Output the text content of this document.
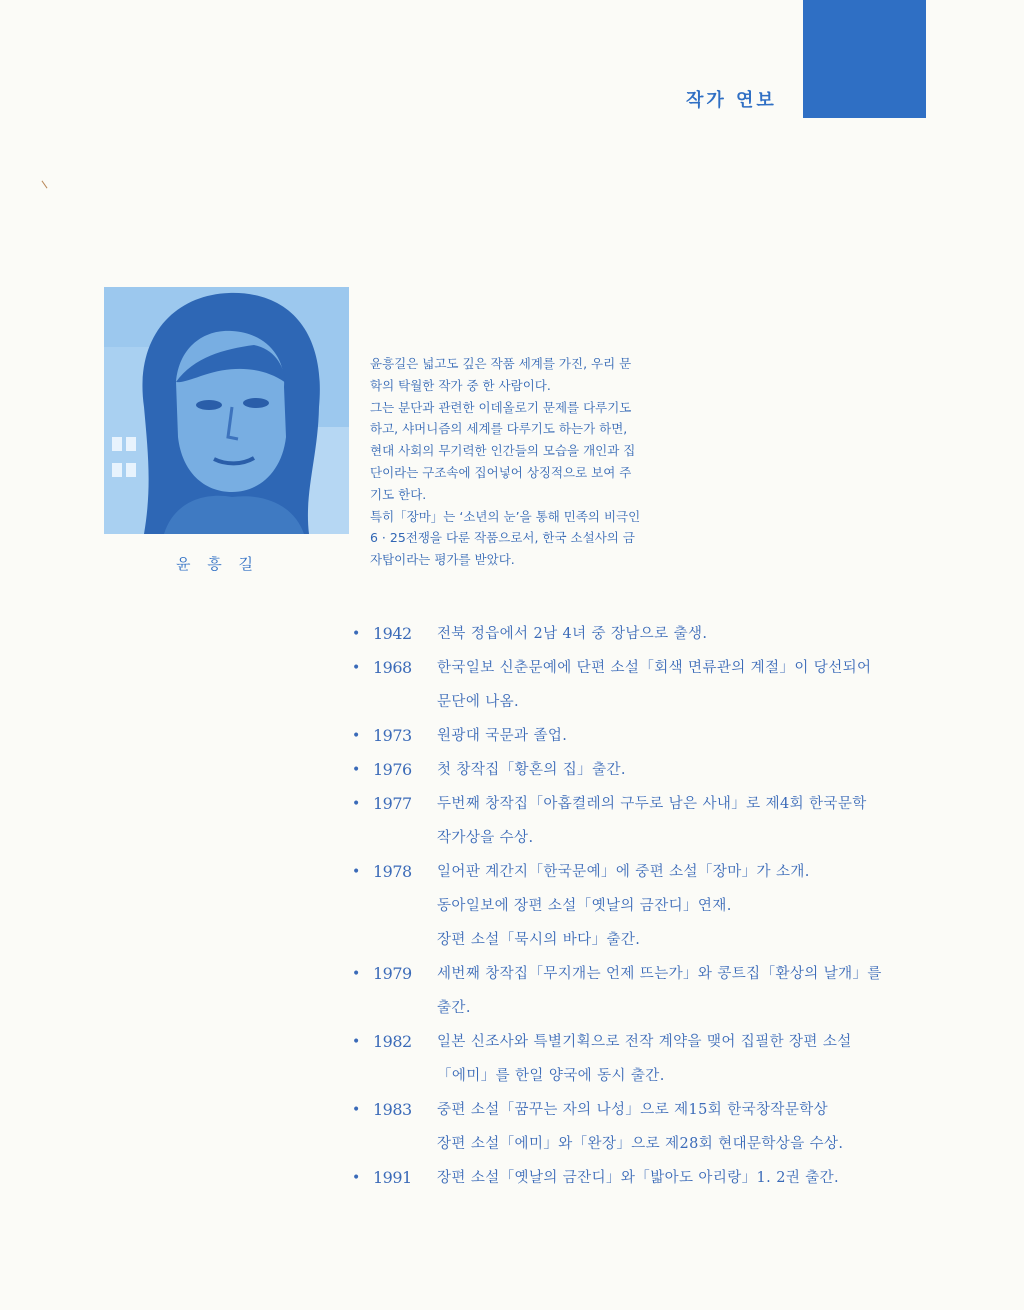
작가 연보
윤 흥 길

윤흥길은 넓고도 깊은 작품 세계를 가진, 우리 문

학의 탁월한 작가 중 한 사람이다.

그는 분단과 관련한 이데올로기 문제를 다루기도

하고, 샤머니즘의 세계를 다루기도 하는가 하면,

현대 사회의 무기력한 인간들의 모습을 개인과 집

단이라는 구조속에 집어넣어 상징적으로 보여 주

기도 한다.

특히「장마」는 ‘소년의 눈’을 통해 민족의 비극인

6 · 25전쟁을 다룬 작품으로서, 한국 소설사의 금

자탑이라는 평가를 받았다.

• 1942	전북 정읍에서 2남 4녀 중 장남으로 출생.
• 1968	한국일보 신춘문예에 단편 소설「회색 면류관의 계절」이 당선되어
문단에 나옴.
• 1973	원광대 국문과 졸업.
• 1976	첫 창작집「황혼의 집」출간.
• 1977	두번째 창작집「아홉켤레의 구두로 남은 사내」로 제4회 한국문학
작가상을 수상.
• 1978	일어판 계간지「한국문예」에 중편 소설「장마」가 소개.
동아일보에 장편 소설「옛날의 금잔디」연재.
장편 소설「묵시의 바다」출간.
• 1979	세번째 창작집「무지개는 언제 뜨는가」와 콩트집「환상의 날개」를
출간.
• 1982	일본 신조사와 특별기획으로 전작 계약을 맺어 집필한 장편 소설
「에미」를 한일 양국에 동시 출간.
• 1983	중편 소설「꿈꾸는 자의 나성」으로 제15회 한국창작문학상
장편 소설「에미」와「완장」으로 제28회 현대문학상을 수상.
• 1991	장편 소설「옛날의 금잔디」와「밟아도 아리랑」1. 2권 출간.
